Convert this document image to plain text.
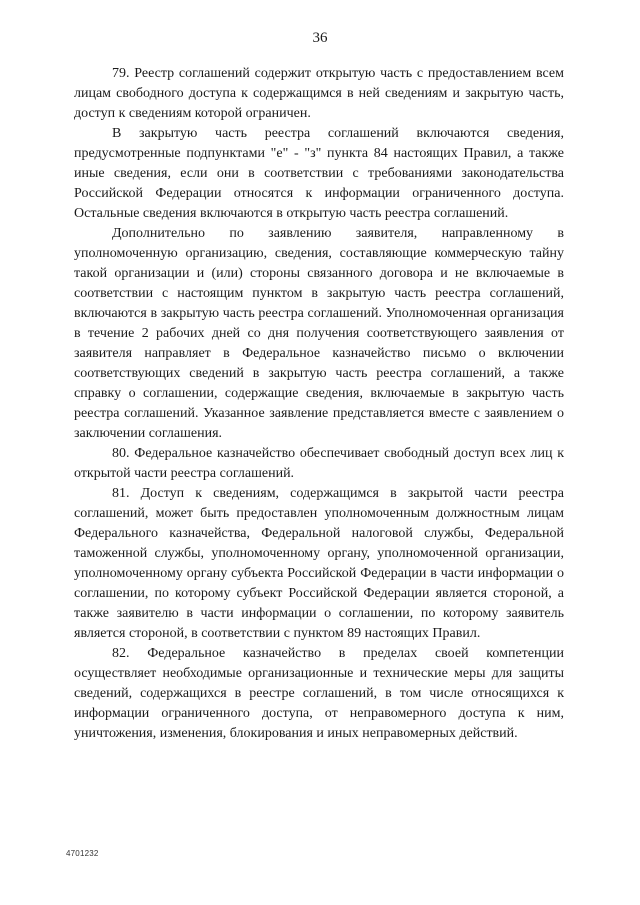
36

79. Реестр соглашений содержит открытую часть с предоставлением всем лицам свободного доступа к содержащимся в ней сведениям и закрытую часть, доступ к сведениям которой ограничен.

В закрытую часть реестра соглашений включаются сведения, предусмотренные подпунктами "е" - "з" пункта 84 настоящих Правил, а также иные сведения, если они в соответствии с требованиями законодательства Российской Федерации относятся к информации ограниченного доступа. Остальные сведения включаются в открытую часть реестра соглашений.

Дополнительно по заявлению заявителя, направленному в уполномоченную организацию, сведения, составляющие коммерческую тайну такой организации и (или) стороны связанного договора и не включаемые в соответствии с настоящим пунктом в закрытую часть реестра соглашений, включаются в закрытую часть реестра соглашений. Уполномоченная организация в течение 2 рабочих дней со дня получения соответствующего заявления от заявителя направляет в Федеральное казначейство письмо о включении соответствующих сведений в закрытую часть реестра соглашений, а также справку о соглашении, содержащие сведения, включаемые в закрытую часть реестра соглашений. Указанное заявление представляется вместе с заявлением о заключении соглашения.

80. Федеральное казначейство обеспечивает свободный доступ всех лиц к открытой части реестра соглашений.

81. Доступ к сведениям, содержащимся в закрытой части реестра соглашений, может быть предоставлен уполномоченным должностным лицам Федерального казначейства, Федеральной налоговой службы, Федеральной таможенной службы, уполномоченному органу, уполномоченной организации, уполномоченному органу субъекта Российской Федерации в части информации о соглашении, по которому субъект Российской Федерации является стороной, а также заявителю в части информации о соглашении, по которому заявитель является стороной, в соответствии с пунктом 89 настоящих Правил.

82. Федеральное казначейство в пределах своей компетенции осуществляет необходимые организационные и технические меры для защиты сведений, содержащихся в реестре соглашений, в том числе относящихся к информации ограниченного доступа, от неправомерного доступа к ним, уничтожения, изменения, блокирования и иных неправомерных действий.

4701232
